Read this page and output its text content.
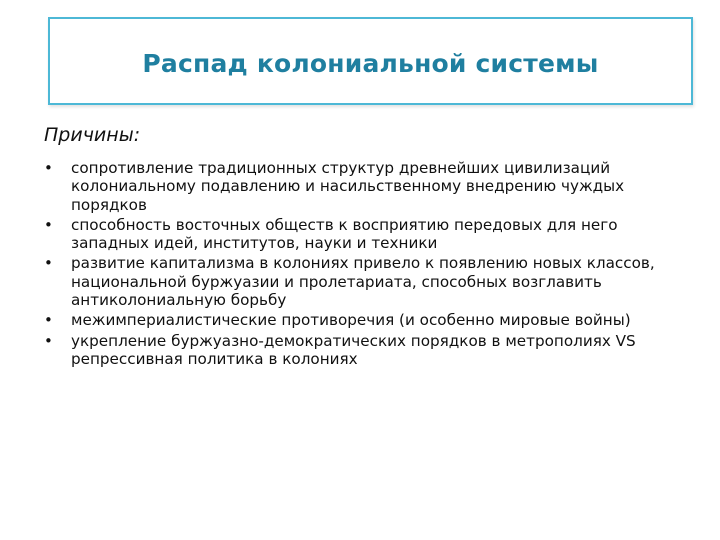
Распад колониальной системы
Причины:
•	сопротивление традиционных структур древнейших цивилизаций колониальному подавлению и насильственному внедрению чуждых порядков
•	способность восточных обществ к восприятию передовых для него западных идей, институтов, науки и техники
•	развитие капитализма в колониях привело к появлению новых классов, национальной буржуазии и пролетариата, способных возглавить антиколониальную борьбу
•	межимпериалистические противоречия (и особенно мировые войны)
•	укрепление буржуазно-демократических порядков в метрополиях VS репрессивная политика в колониях
